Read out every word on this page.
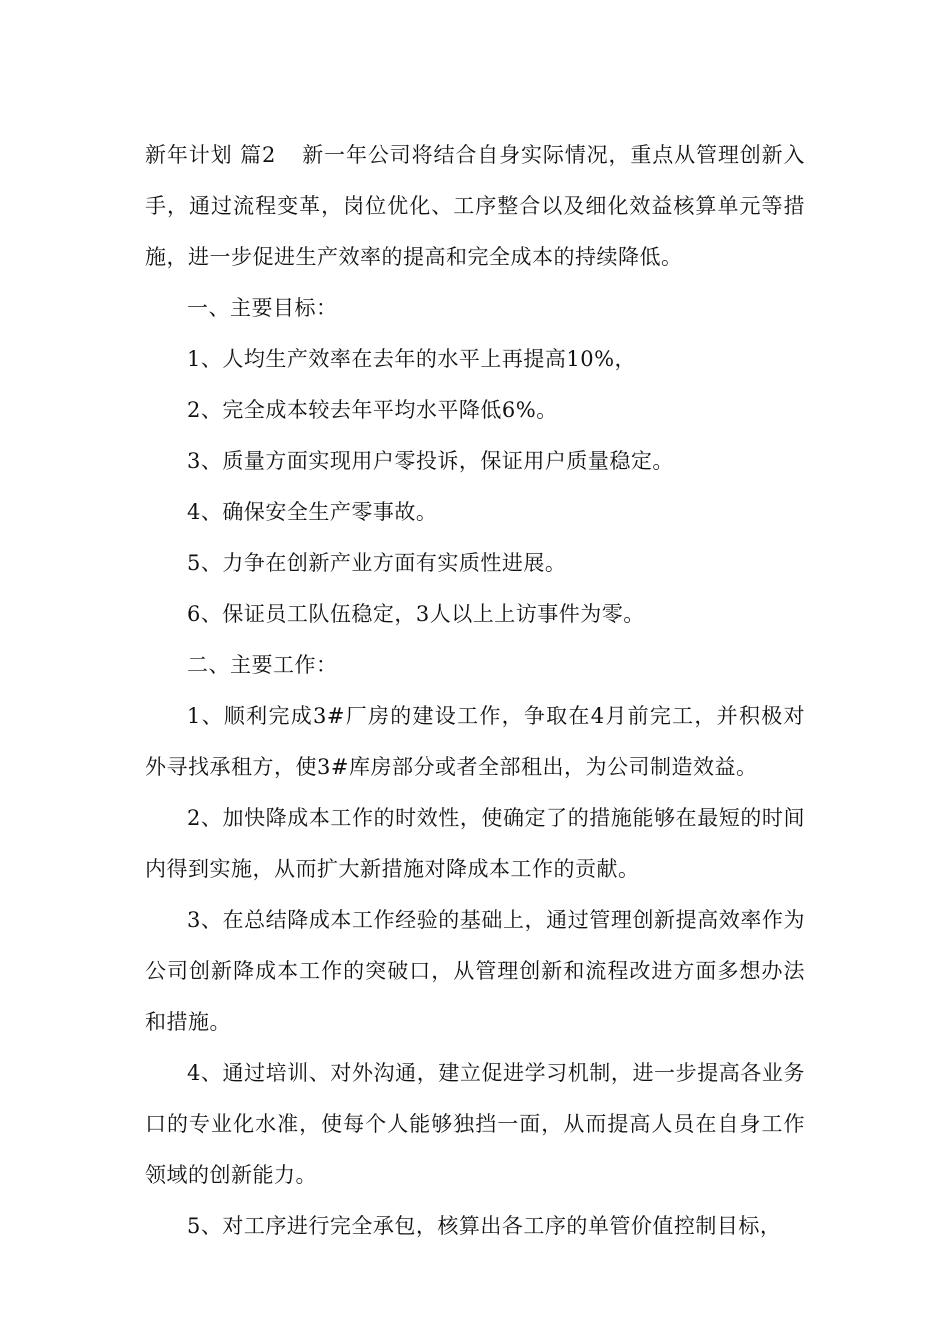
新年计划 篇2 新一年公司将结合自身实际情况，重点从管理创新入手，通过流程变革，岗位优化、工序整合以及细化效益核算单元等措施，进一步促进生产效率的提高和完全成本的持续降低。

一、主要目标：

1、人均生产效率在去年的水平上再提高10%，

2、完全成本较去年平均水平降低6%。

3、质量方面实现用户零投诉，保证用户质量稳定。

4、确保安全生产零事故。

5、力争在创新产业方面有实质性进展。

6、保证员工队伍稳定，3人以上上访事件为零。

二、主要工作：

1、顺利完成3#厂房的建设工作，争取在4月前完工，并积极对外寻找承租方，使3#库房部分或者全部租出，为公司制造效益。

2、加快降成本工作的时效性，使确定了的措施能够在最短的时间内得到实施，从而扩大新措施对降成本工作的贡献。

3、在总结降成本工作经验的基础上，通过管理创新提高效率作为公司创新降成本工作的突破口，从管理创新和流程改进方面多想办法和措施。

4、通过培训、对外沟通，建立促进学习机制，进一步提高各业务口的专业化水准，使每个人能够独挡一面，从而提高人员在自身工作领域的创新能力。

5、对工序进行完全承包，核算出各工序的单管价值控制目标，
